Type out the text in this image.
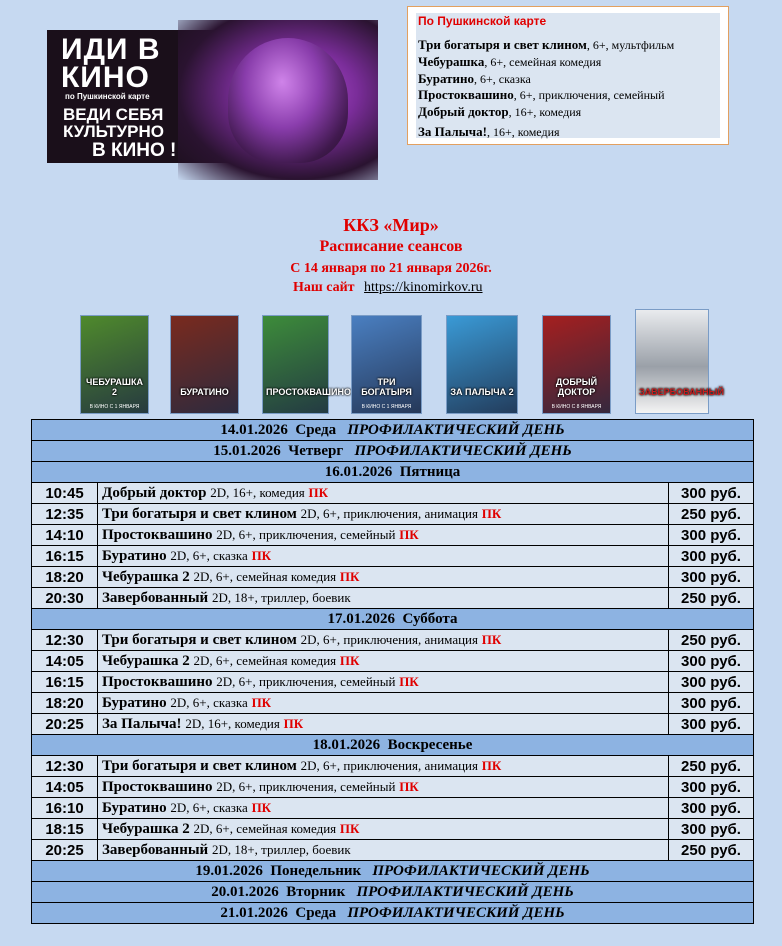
ИДИ В
КИНО
по Пушкинской карте
ВЕДИ СЕБЯ
КУЛЬТУРНО
В КИНО !
По Пушкинской карте
Три богатыря и свет клином, 6+, мультфильм
Чебурашка, 6+, семейная комедия
Буратино, 6+, сказка
Простоквашино, 6+, приключения, семейный
Добрый доктор, 16+, комедия
За Палыча!, 16+, комедия
ККЗ «Мир»
Расписание сеансов
С 14 января по 21 января 2026г.
Наш сайт https://kinomirkov.ru
ЧЕБУРАШКА 2
В КИНО С 1 ЯНВАРЯ
БУРАТИНО	ПРОСТОКВАШИНО
ТРИ БОГАТЫРЯ
В КИНО С 1 ЯНВАРЯ
ЗА ПАЛЫЧА 2
ДОБРЫЙ ДОКТОР
В КИНО С 8 ЯНВАРЯ
ЗАВЕРБОВАННЫЙ
14.01.2026 Среда ПРОФИЛАКТИЧЕСКИЙ ДЕНЬ		
15.01.2026 Четверг ПРОФИЛАКТИЧЕСКИЙ ДЕНЬ		
16.01.2026 Пятница		
10:45	Добрый доктор 2D, 16+, комедия ПК	300 руб.
12:35	Три богатыря и свет клином 2D, 6+, приключения, анимация ПК	250 руб.
14:10	Простоквашино 2D, 6+, приключения, семейный ПК	300 руб.
16:15	Буратино 2D, 6+, сказка ПК	300 руб.
18:20	Чебурашка 2 2D, 6+, семейная комедия ПК	300 руб.
20:30	Завербованный 2D, 18+, триллер, боевик	250 руб.
17.01.2026 Суббота		
12:30	Три богатыря и свет клином 2D, 6+, приключения, анимация ПК	250 руб.
14:05	Чебурашка 2 2D, 6+, семейная комедия ПК	300 руб.
16:15	Простоквашино 2D, 6+, приключения, семейный ПК	300 руб.
18:20	Буратино 2D, 6+, сказка ПК	300 руб.
20:25	За Палыча! 2D, 16+, комедия ПК	300 руб.
18.01.2026 Воскресенье		
12:30	Три богатыря и свет клином 2D, 6+, приключения, анимация ПК	250 руб.
14:05	Простоквашино 2D, 6+, приключения, семейный ПК	300 руб.
16:10	Буратино 2D, 6+, сказка ПК	300 руб.
18:15	Чебурашка 2 2D, 6+, семейная комедия ПК	300 руб.
20:25	Завербованный 2D, 18+, триллер, боевик	250 руб.
19.01.2026 Понедельник ПРОФИЛАКТИЧЕСКИЙ ДЕНЬ		
20.01.2026 Вторник ПРОФИЛАКТИЧЕСКИЙ ДЕНЬ		
21.01.2026 Среда ПРОФИЛАКТИЧЕСКИЙ ДЕНЬ		
